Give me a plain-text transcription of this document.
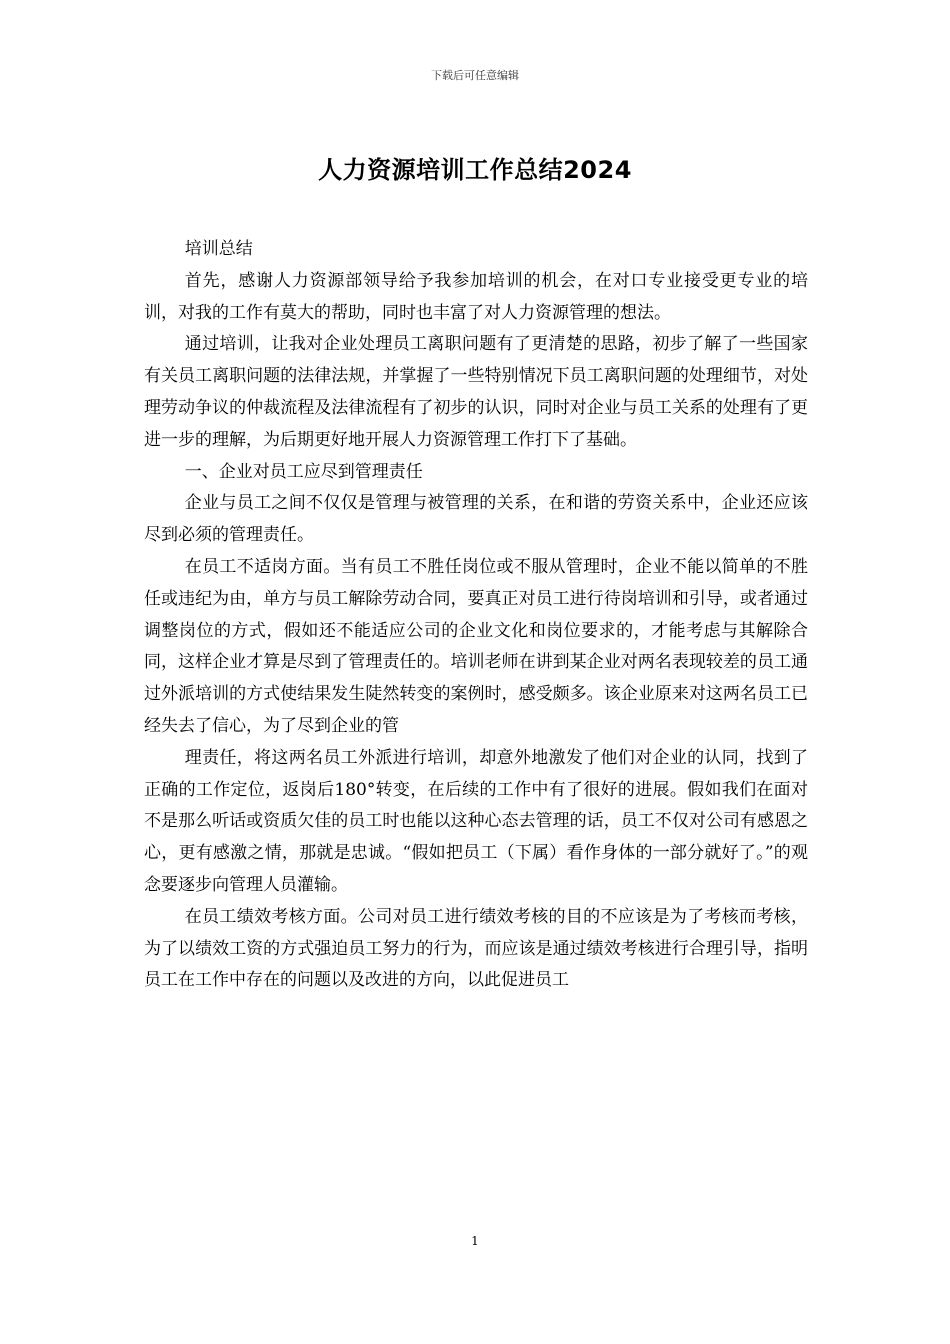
下载后可任意编辑
人力资源培训工作总结2024

培训总结

首先，感谢人力资源部领导给予我参加培训的机会，在对口专业接受更专业的培训，对我的工作有莫大的帮助，同时也丰富了对人力资源管理的想法。

通过培训，让我对企业处理员工离职问题有了更清楚的思路，初步了解了一些国家有关员工离职问题的法律法规，并掌握了一些特别情况下员工离职问题的处理细节，对处理劳动争议的仲裁流程及法律流程有了初步的认识，同时对企业与员工关系的处理有了更进一步的理解，为后期更好地开展人力资源管理工作打下了基础。

一、企业对员工应尽到管理责任

企业与员工之间不仅仅是管理与被管理的关系，在和谐的劳资关系中，企业还应该尽到必须的管理责任。

在员工不适岗方面。当有员工不胜任岗位或不服从管理时，企业不能以简单的不胜任或违纪为由，单方与员工解除劳动合同，要真正对员工进行待岗培训和引导，或者通过调整岗位的方式，假如还不能适应公司的企业文化和岗位要求的，才能考虑与其解除合同，这样企业才算是尽到了管理责任的。培训老师在讲到某企业对两名表现较差的员工通过外派培训的方式使结果发生陡然转变的案例时，感受颇多。该企业原来对这两名员工已经失去了信心，为了尽到企业的管

理责任，将这两名员工外派进行培训，却意外地激发了他们对企业的认同，找到了正确的工作定位，返岗后180°转变，在后续的工作中有了很好的进展。假如我们在面对不是那么听话或资质欠佳的员工时也能以这种心态去管理的话，员工不仅对公司有感恩之心，更有感激之情，那就是忠诚。“假如把员工（下属）看作身体的一部分就好了。”的观念要逐步向管理人员灌输。

在员工绩效考核方面。公司对员工进行绩效考核的目的不应该是为了考核而考核，为了以绩效工资的方式强迫员工努力的行为，而应该是通过绩效考核进行合理引导，指明员工在工作中存在的问题以及改进的方向，以此促进员工

1
